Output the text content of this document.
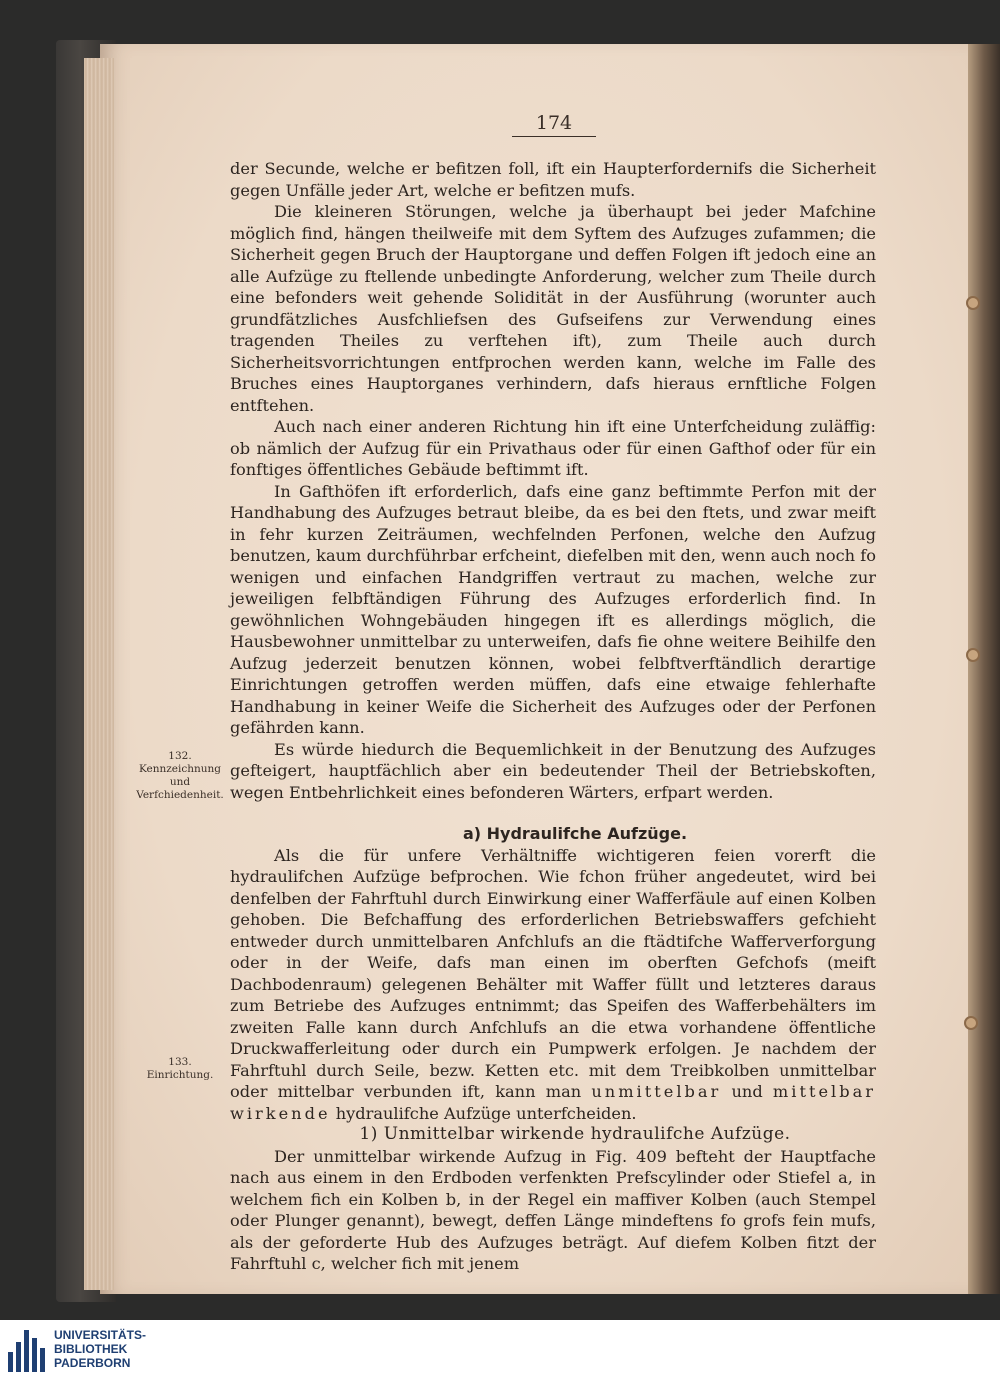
174

der Secunde, welche er befitzen foll, ift ein Haupterfordernifs die Sicherheit gegen Unfälle jeder Art, welche er befitzen mufs.

Die kleineren Störungen, welche ja überhaupt bei jeder Mafchine möglich find, hängen theilweife mit dem Syftem des Aufzuges zufammen; die Sicherheit gegen Bruch der Hauptorgane und deffen Folgen ift jedoch eine an alle Aufzüge zu ftellende unbedingte Anforderung, welcher zum Theile durch eine befonders weit gehende Solidität in der Ausführung (worunter auch grundfätzliches Ausfchliefsen des Gufseifens zur Verwendung eines tragenden Theiles zu verftehen ift), zum Theile auch durch Sicherheitsvorrichtungen entfprochen werden kann, welche im Falle des Bruches eines Hauptorganes verhindern, dafs hieraus ernftliche Folgen entftehen.

Auch nach einer anderen Richtung hin ift eine Unterfcheidung zuläffig: ob nämlich der Aufzug für ein Privathaus oder für einen Gafthof oder für ein fonftiges öffentliches Gebäude beftimmt ift.

In Gafthöfen ift erforderlich, dafs eine ganz beftimmte Perfon mit der Handhabung des Aufzuges betraut bleibe, da es bei den ftets, und zwar meift in fehr kurzen Zeiträumen, wechfelnden Perfonen, welche den Aufzug benutzen, kaum durchführbar erfcheint, diefelben mit den, wenn auch noch fo wenigen und einfachen Handgriffen vertraut zu machen, welche zur jeweiligen felbftändigen Führung des Aufzuges erforderlich find. In gewöhnlichen Wohngebäuden hingegen ift es allerdings möglich, die Hausbewohner unmittelbar zu unterweifen, dafs fie ohne weitere Beihilfe den Aufzug jederzeit benutzen können, wobei felbftverftändlich derartige Einrichtungen getroffen werden müffen, dafs eine etwaige fehlerhafte Handhabung in keiner Weife die Sicherheit des Aufzuges oder der Perfonen gefährden kann.

Es würde hiedurch die Bequemlichkeit in der Benutzung des Aufzuges gefteigert, hauptfächlich aber ein bedeutender Theil der Betriebskoften, wegen Entbehrlichkeit eines befonderen Wärters, erfpart werden.

a) Hydraulifche Aufzüge.

Als die für unfere Verhältniffe wichtigeren feien vorerft die hydraulifchen Aufzüge befprochen. Wie fchon früher angedeutet, wird bei denfelben der Fahrftuhl durch Einwirkung einer Wafferfäule auf einen Kolben gehoben. Die Befchaffung des erforderlichen Betriebswaffers gefchieht entweder durch unmittelbaren Anfchlufs an die ftädtifche Wafferverforgung oder in der Weife, dafs man einen im oberften Gefchofs (meift Dachbodenraum) gelegenen Behälter mit Waffer füllt und letzteres daraus zum Betriebe des Aufzuges entnimmt; das Speifen des Wafferbehälters im zweiten Falle kann durch Anfchlufs an die etwa vorhandene öffentliche Druckwafferleitung oder durch ein Pumpwerk erfolgen. Je nachdem der Fahrftuhl durch Seile, bezw. Ketten etc. mit dem Treibkolben unmittelbar oder mittelbar verbunden ift, kann man unmittelbar und mittelbar wirkende hydraulifche Aufzüge unterfcheiden.

1) Unmittelbar wirkende hydraulifche Aufzüge.

Der unmittelbar wirkende Aufzug in Fig. 409 befteht der Hauptfache nach aus einem in den Erdboden verfenkten Prefscylinder oder Stiefel a, in welchem fich ein Kolben b, in der Regel ein maffiver Kolben (auch Stempel oder Plunger genannt), bewegt, deffen Länge mindeftens fo grofs fein mufs, als der geforderte Hub des Aufzuges beträgt. Auf diefem Kolben fitzt der Fahrftuhl c, welcher fich mit jenem

132.
Kennzeichnung
und
Verfchiedenheit.
133.
Einrichtung.
UNIVERSITÄTS-
BIBLIOTHEK
PADERBORN
